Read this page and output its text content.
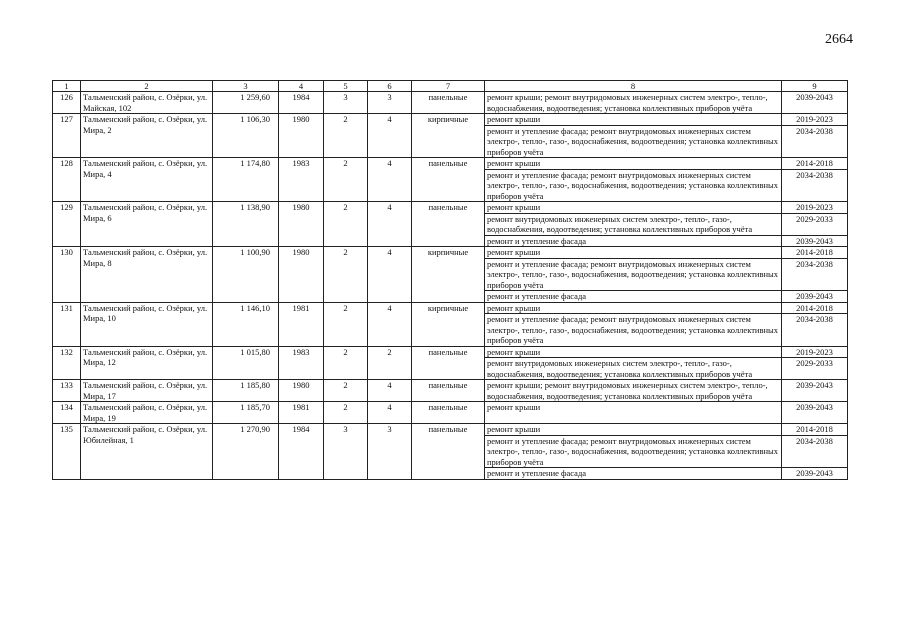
2664
1	2	3	4	5	6	7	8	9
126	Тальменский район, с. Озёрки, ул. Майская, 102	1 259,60	1984	3	3	панельные	ремонт крыши; ремонт внутридомовых инженерных систем электро-, тепло-, водоснабжения, водоотведения; установка коллективных приборов учёта	2039-2043
127	Тальменский район, с. Озёрки, ул. Мира, 2	1 106,30	1980	2	4	кирпичные	ремонт крыши	2019-2023
							ремонт и утепление фасада; ремонт внутридомовых инженерных систем электро-, тепло-, газо-, водоснабжения, водоотведения; установка коллективных приборов учёта	2034-2038
128	Тальменский район, с. Озёрки, ул. Мира, 4	1 174,80	1983	2	4	панельные	ремонт крыши	2014-2018
							ремонт и утепление фасада; ремонт внутридомовых инженерных систем электро-, тепло-, газо-, водоснабжения, водоотведения; установка коллективных приборов учёта	2034-2038
129	Тальменский район, с. Озёрки, ул. Мира, 6	1 138,90	1980	2	4	панельные	ремонт крыши	2019-2023
							ремонт внутридомовых инженерных систем электро-, тепло-, газо-, водоснабжения, водоотведения; установка коллективных приборов учёта	2029-2033
							ремонт и утепление фасада	2039-2043
130	Тальменский район, с. Озёрки, ул. Мира, 8	1 100,90	1980	2	4	кирпичные	ремонт крыши	2014-2018
							ремонт и утепление фасада; ремонт внутридомовых инженерных систем электро-, тепло-, газо-, водоснабжения, водоотведения; установка коллективных приборов учёта	2034-2038
							ремонт и утепление фасада	2039-2043
131	Тальменский район, с. Озёрки, ул. Мира, 10	1 146,10	1981	2	4	кирпичные	ремонт крыши	2014-2018
							ремонт и утепление фасада; ремонт внутридомовых инженерных систем электро-, тепло-, газо-, водоснабжения, водоотведения; установка коллективных приборов учёта	2034-2038
132	Тальменский район, с. Озёрки, ул. Мира, 12	1 015,80	1983	2	2	панельные	ремонт крыши	2019-2023
							ремонт внутридомовых инженерных систем электро-, тепло-, газо-, водоснабжения, водоотведения; установка коллективных приборов учёта	2029-2033
133	Тальменский район, с. Озёрки, ул. Мира, 17	1 185,80	1980	2	4	панельные	ремонт крыши; ремонт внутридомовых инженерных систем электро-, тепло-, водоснабжения, водоотведения; установка коллективных приборов учёта	2039-2043
134	Тальменский район, с. Озёрки, ул. Мира, 19	1 185,70	1981	2	4	панельные	ремонт крыши	2039-2043
135	Тальменский район, с. Озёрки, ул. Юбилейная, 1	1 270,90	1984	3	3	панельные	ремонт крыши	2014-2018
							ремонт и утепление фасада; ремонт внутридомовых инженерных систем электро-, тепло-, газо-, водоснабжения, водоотведения; установка коллективных приборов учёта	2034-2038
							ремонт и утепление фасада	2039-2043
